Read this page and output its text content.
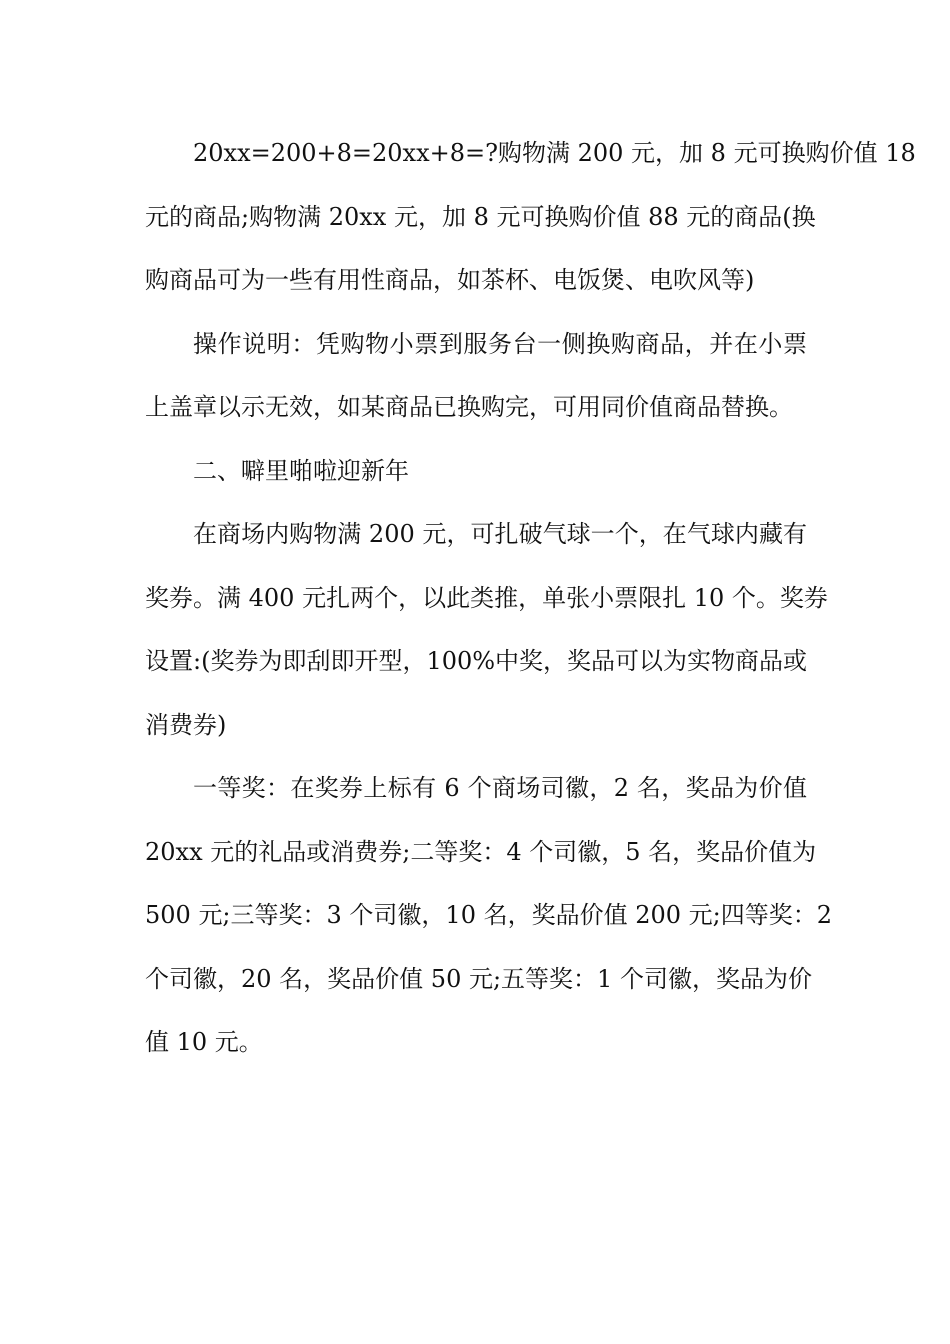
20xx=200+8=20xx+8=?购物满 200 元，加 8 元可换购价值 18
元的商品;购物满 20xx 元，加 8 元可换购价值 88 元的商品(换
购商品可为一些有用性商品，如茶杯、电饭煲、电吹风等)
操作说明：凭购物小票到服务台一侧换购商品，并在小票
上盖章以示无效，如某商品已换购完，可用同价值商品替换。
二、噼里啪啦迎新年
在商场内购物满 200 元，可扎破气球一个，在气球内藏有
奖券。满 400 元扎两个，以此类推，单张小票限扎 10 个。奖券
设置:(奖券为即刮即开型，100%中奖，奖品可以为实物商品或
消费券)
一等奖：在奖券上标有 6 个商场司徽，2 名，奖品为价值
20xx 元的礼品或消费券;二等奖：4 个司徽，5 名，奖品价值为
500 元;三等奖：3 个司徽，10 名，奖品价值 200 元;四等奖：2
个司徽，20 名，奖品价值 50 元;五等奖：1 个司徽，奖品为价
值 10 元。
